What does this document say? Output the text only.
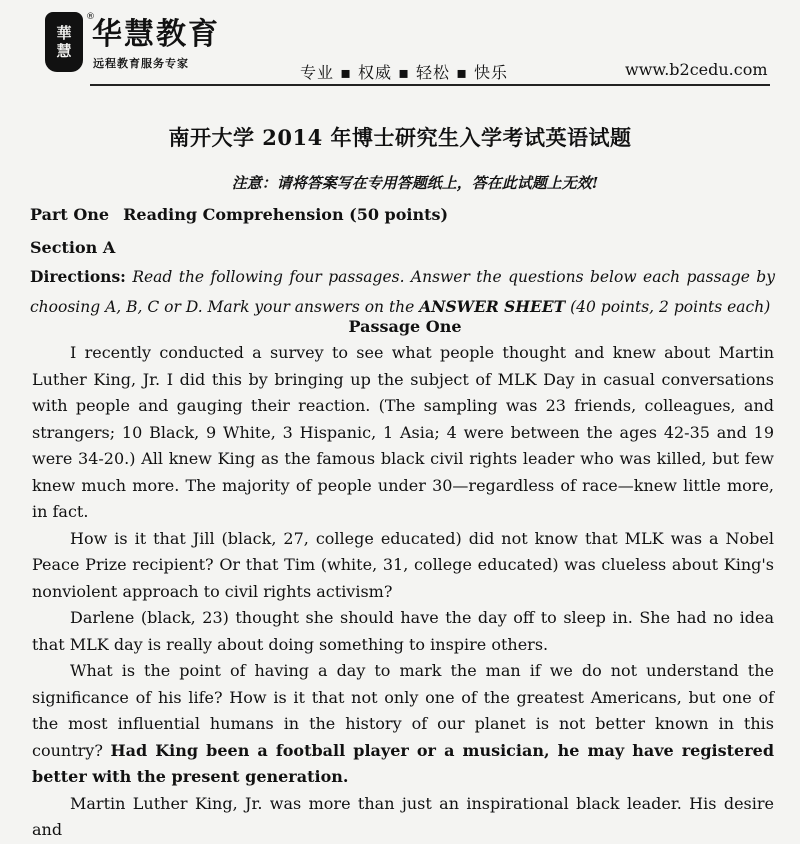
華
慧
®
华慧教育
远程教育服务专家	专业 ▪ 权威 ▪ 轻松 ▪ 快乐	www.b2cedu.com
南开大学 2014 年博士研究生入学考试英语试题
注意：请将答案写在专用答题纸上，答在此试题上无效!
Part One Reading Comprehension (50 points)
Section A
Directions: Read the following four passages. Answer the questions below each passage by choosing A, B, C or D. Mark your answers on the ANSWER SHEET (40 points, 2 points each)
Passage One

I recently conducted a survey to see what people thought and knew about Martin Luther King, Jr. I did this by bringing up the subject of MLK Day in casual conversations with people and gauging their reaction. (The sampling was 23 friends, colleagues, and strangers; 10 Black, 9 White, 3 Hispanic, 1 Asia; 4 were between the ages 42-35 and 19 were 34-20.) All knew King as the famous black civil rights leader who was killed, but few knew much more. The majority of people under 30—regardless of race—knew little more, in fact.

How is it that Jill (black, 27, college educated) did not know that MLK was a Nobel Peace Prize recipient? Or that Tim (white, 31, college educated) was clueless about King's nonviolent approach to civil rights activism?

Darlene (black, 23) thought she should have the day off to sleep in. She had no idea that MLK day is really about doing something to inspire others.

What is the point of having a day to mark the man if we do not understand the significance of his life? How is it that not only one of the greatest Americans, but one of the most influential humans in the history of our planet is not better known in this country? Had King been a football player or a musician, he may have registered better with the present generation.

Martin Luther King, Jr. was more than just an inspirational black leader. His desire and
